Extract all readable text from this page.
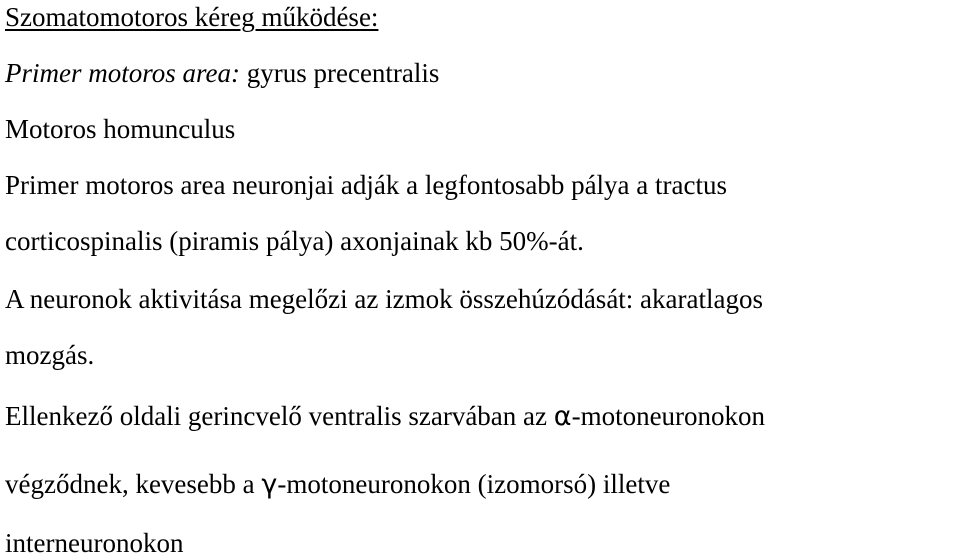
Szomatomotoros kéreg működése:
Primer motoros area: gyrus precentralis
Motoros homunculus
Primer motoros area neuronjai adják a legfontosabb pálya a tractus
corticospinalis (piramis pálya) axonjainak kb 50%-át.
A neuronok aktivitása megelőzi az izmok összehúzódását: akaratlagos
mozgás.
Ellenkező oldali gerincvelő ventralis szarvában az α-motoneuronokon
végződnek, kevesebb a γ-motoneuronokon (izomorsó) illetve
interneuronokon
